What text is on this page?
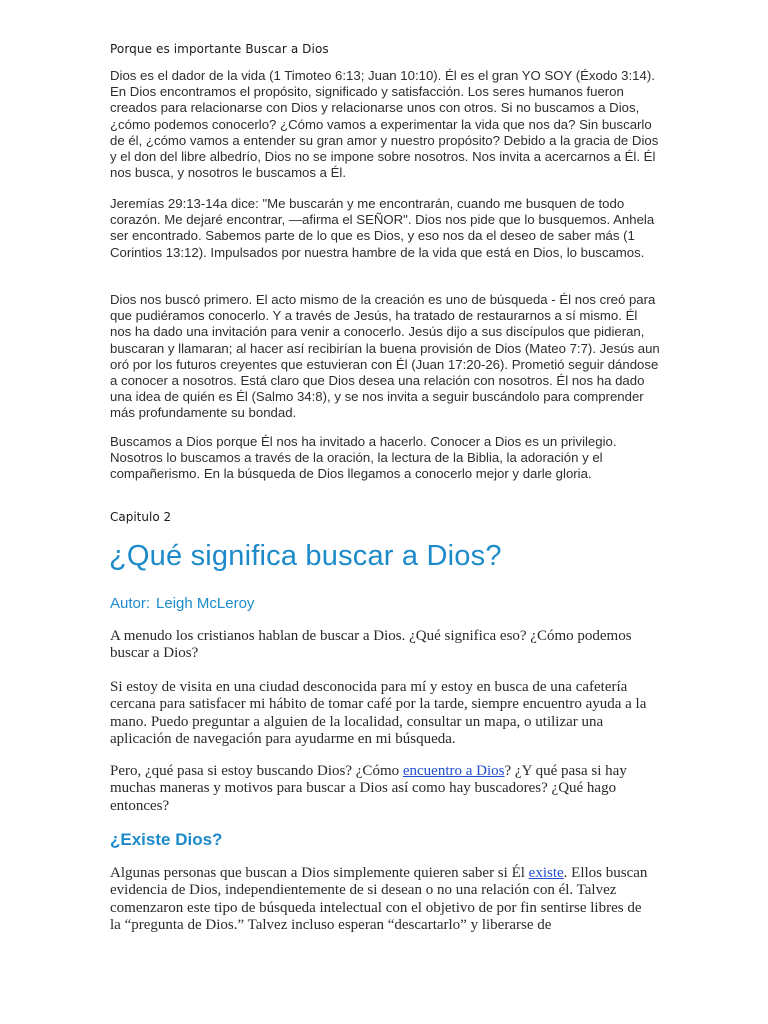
Porque es importante Buscar a Dios

Dios es el dador de la vida (1 Timoteo 6:13; Juan 10:10). Él es el gran YO SOY (Éxodo 3:14). En Dios encontramos el propósito, significado y satisfacción. Los seres humanos fueron creados para relacionarse con Dios y relacionarse unos con otros. Si no buscamos a Dios, ¿cómo podemos conocerlo? ¿Cómo vamos a experimentar la vida que nos da? Sin buscarlo de él, ¿cómo vamos a entender su gran amor y nuestro propósito? Debido a la gracia de Dios y el don del libre albedrío, Dios no se impone sobre nosotros. Nos invita a acercarnos a Él. Él nos busca, y nosotros le buscamos a Él.

Jeremías 29:13-14a dice: "Me buscarán y me encontrarán, cuando me busquen de todo corazón. Me dejaré encontrar, —afirma el SEÑOR". Dios nos pide que lo busquemos. Anhela ser encontrado. Sabemos parte de lo que es Dios, y eso nos da el deseo de saber más (1 Corintios 13:12). Impulsados por nuestra hambre de la vida que está en Dios, lo buscamos.

Dios nos buscó primero. El acto mismo de la creación es uno de búsqueda - Él nos creó para que pudiéramos conocerlo. Y a través de Jesús, ha tratado de restaurarnos a sí mismo. Él nos ha dado una invitación para venir a conocerlo. Jesús dijo a sus discípulos que pidieran, buscaran y llamaran; al hacer así recibirían la buena provisión de Dios (Mateo 7:7). Jesús aun oró por los futuros creyentes que estuvieran con Él (Juan 17:20-26). Prometió seguir dándose a conocer a nosotros. Está claro que Dios desea una relación con nosotros. Él nos ha dado una idea de quién es Él (Salmo 34:8), y se nos invita a seguir buscándolo para comprender más profundamente su bondad.

Buscamos a Dios porque Él nos ha invitado a hacerlo. Conocer a Dios es un privilegio. Nosotros lo buscamos a través de la oración, la lectura de la Biblia, la adoración y el compañerismo. En la búsqueda de Dios llegamos a conocerlo mejor y darle gloria.

Capitulo 2
¿Qué significa buscar a Dios?
Autor: Leigh McLeroy

A menudo los cristianos hablan de buscar a Dios. ¿Qué significa eso? ¿Cómo podemos buscar a Dios?

Si estoy de visita en una ciudad desconocida para mí y estoy en busca de una cafetería cercana para satisfacer mi hábito de tomar café por la tarde, siempre encuentro ayuda a la mano. Puedo preguntar a alguien de la localidad, consultar un mapa, o utilizar una aplicación de navegación para ayudarme en mi búsqueda.

Pero, ¿qué pasa si estoy buscando Dios? ¿Cómo encuentro a Dios? ¿Y qué pasa si hay muchas maneras y motivos para buscar a Dios así como hay buscadores? ¿Qué hago entonces?

¿Existe Dios?

Algunas personas que buscan a Dios simplemente quieren saber si Él existe. Ellos buscan evidencia de Dios, independientemente de si desean o no una relación con él. Talvez comenzaron este tipo de búsqueda intelectual con el objetivo de por fin sentirse libres de la “pregunta de Dios.” Talvez incluso esperan “descartarlo” y liberarse de
